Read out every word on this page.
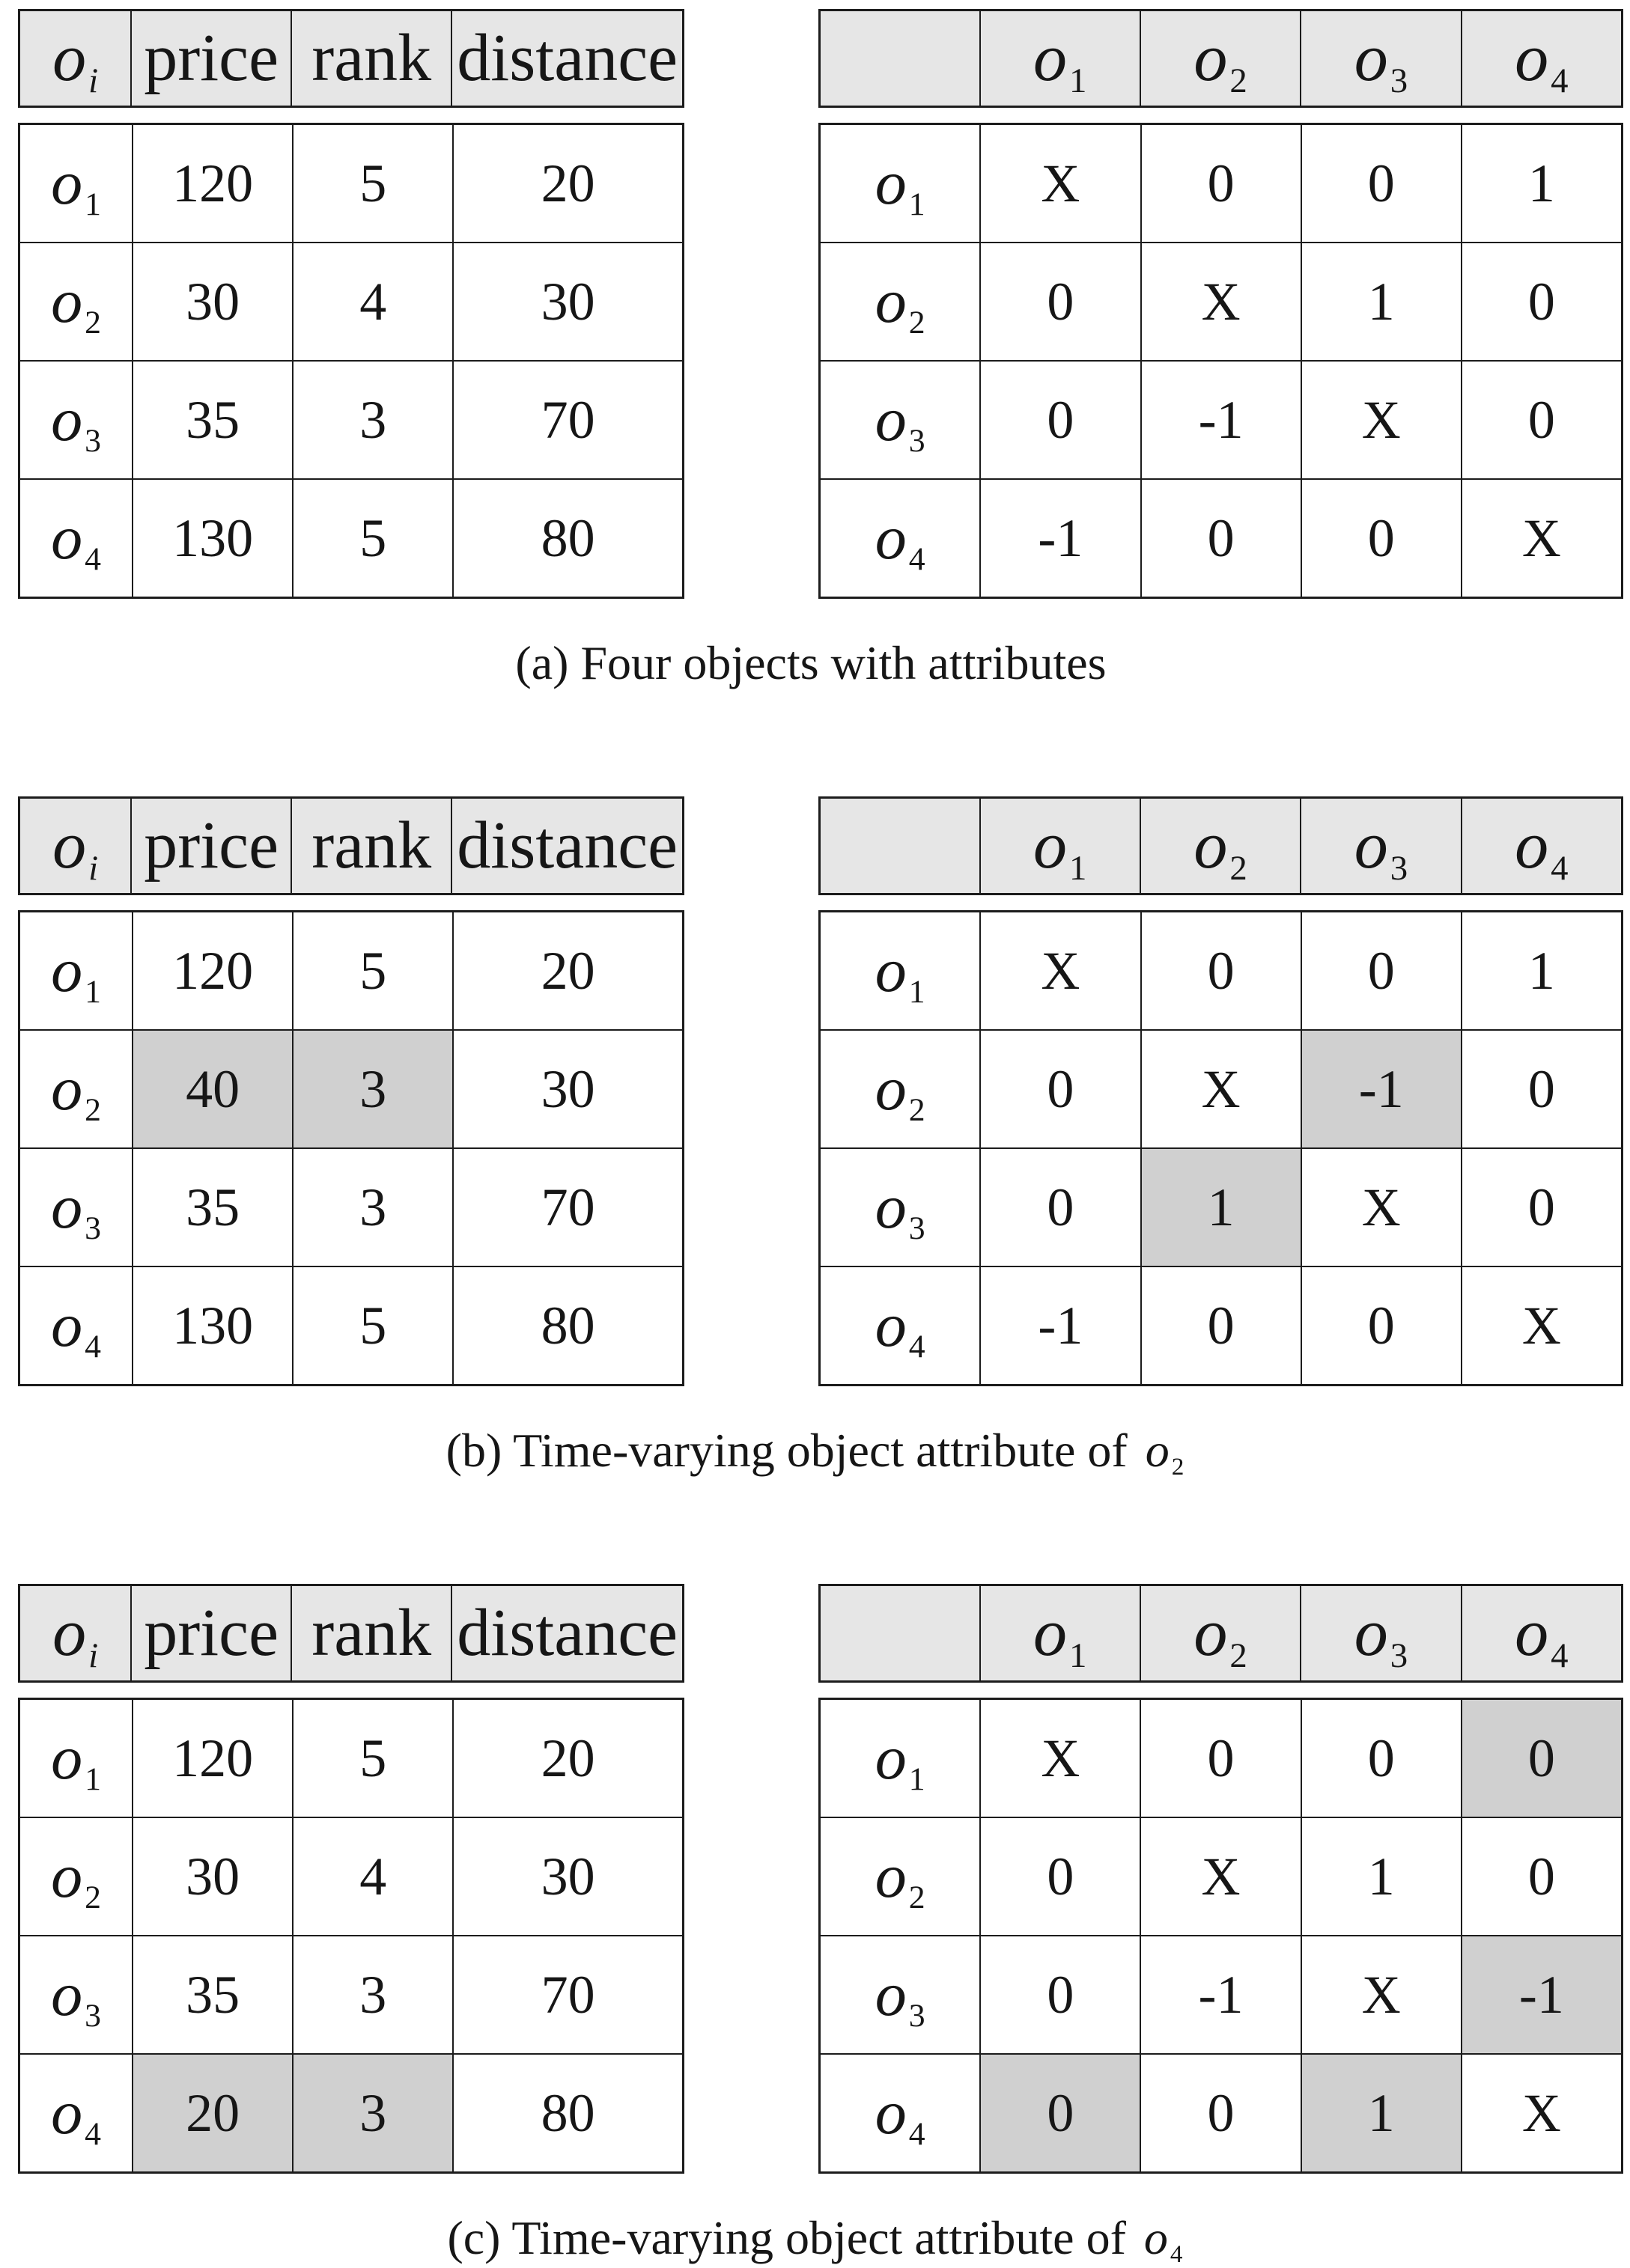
$o_i$	price	rank	distance
$o_1$	120	5	20
$o_2$	30	4	30
$o_3$	35	3	70
$o_4$	130	5	80
	$o_1$	$o_2$	$o_3$	$o_4$
$o_1$	X	0	0	1
$o_2$	0	X	1	0
$o_3$	0	-1	X	0
$o_4$	-1	0	0	X
(a) Four objects with attributes
$o_i$	price	rank	distance
$o_1$	120	5	20
$o_2$	40	3	30
$o_3$	35	3	70
$o_4$	130	5	80
	$o_1$	$o_2$	$o_3$	$o_4$
$o_1$	X	0	0	1
$o_2$	0	X	-1	0
$o_3$	0	1	X	0
$o_4$	-1	0	0	X
(b) Time-varying object attribute of $o_2$
$o_i$	price	rank	distance
$o_1$	120	5	20
$o_2$	30	4	30
$o_3$	35	3	70
$o_4$	20	3	80
	$o_1$	$o_2$	$o_3$	$o_4$
$o_1$	X	0	0	0
$o_2$	0	X	1	0
$o_3$	0	-1	X	-1
$o_4$	0	0	1	X
(c) Time-varying object attribute of $o_4$
